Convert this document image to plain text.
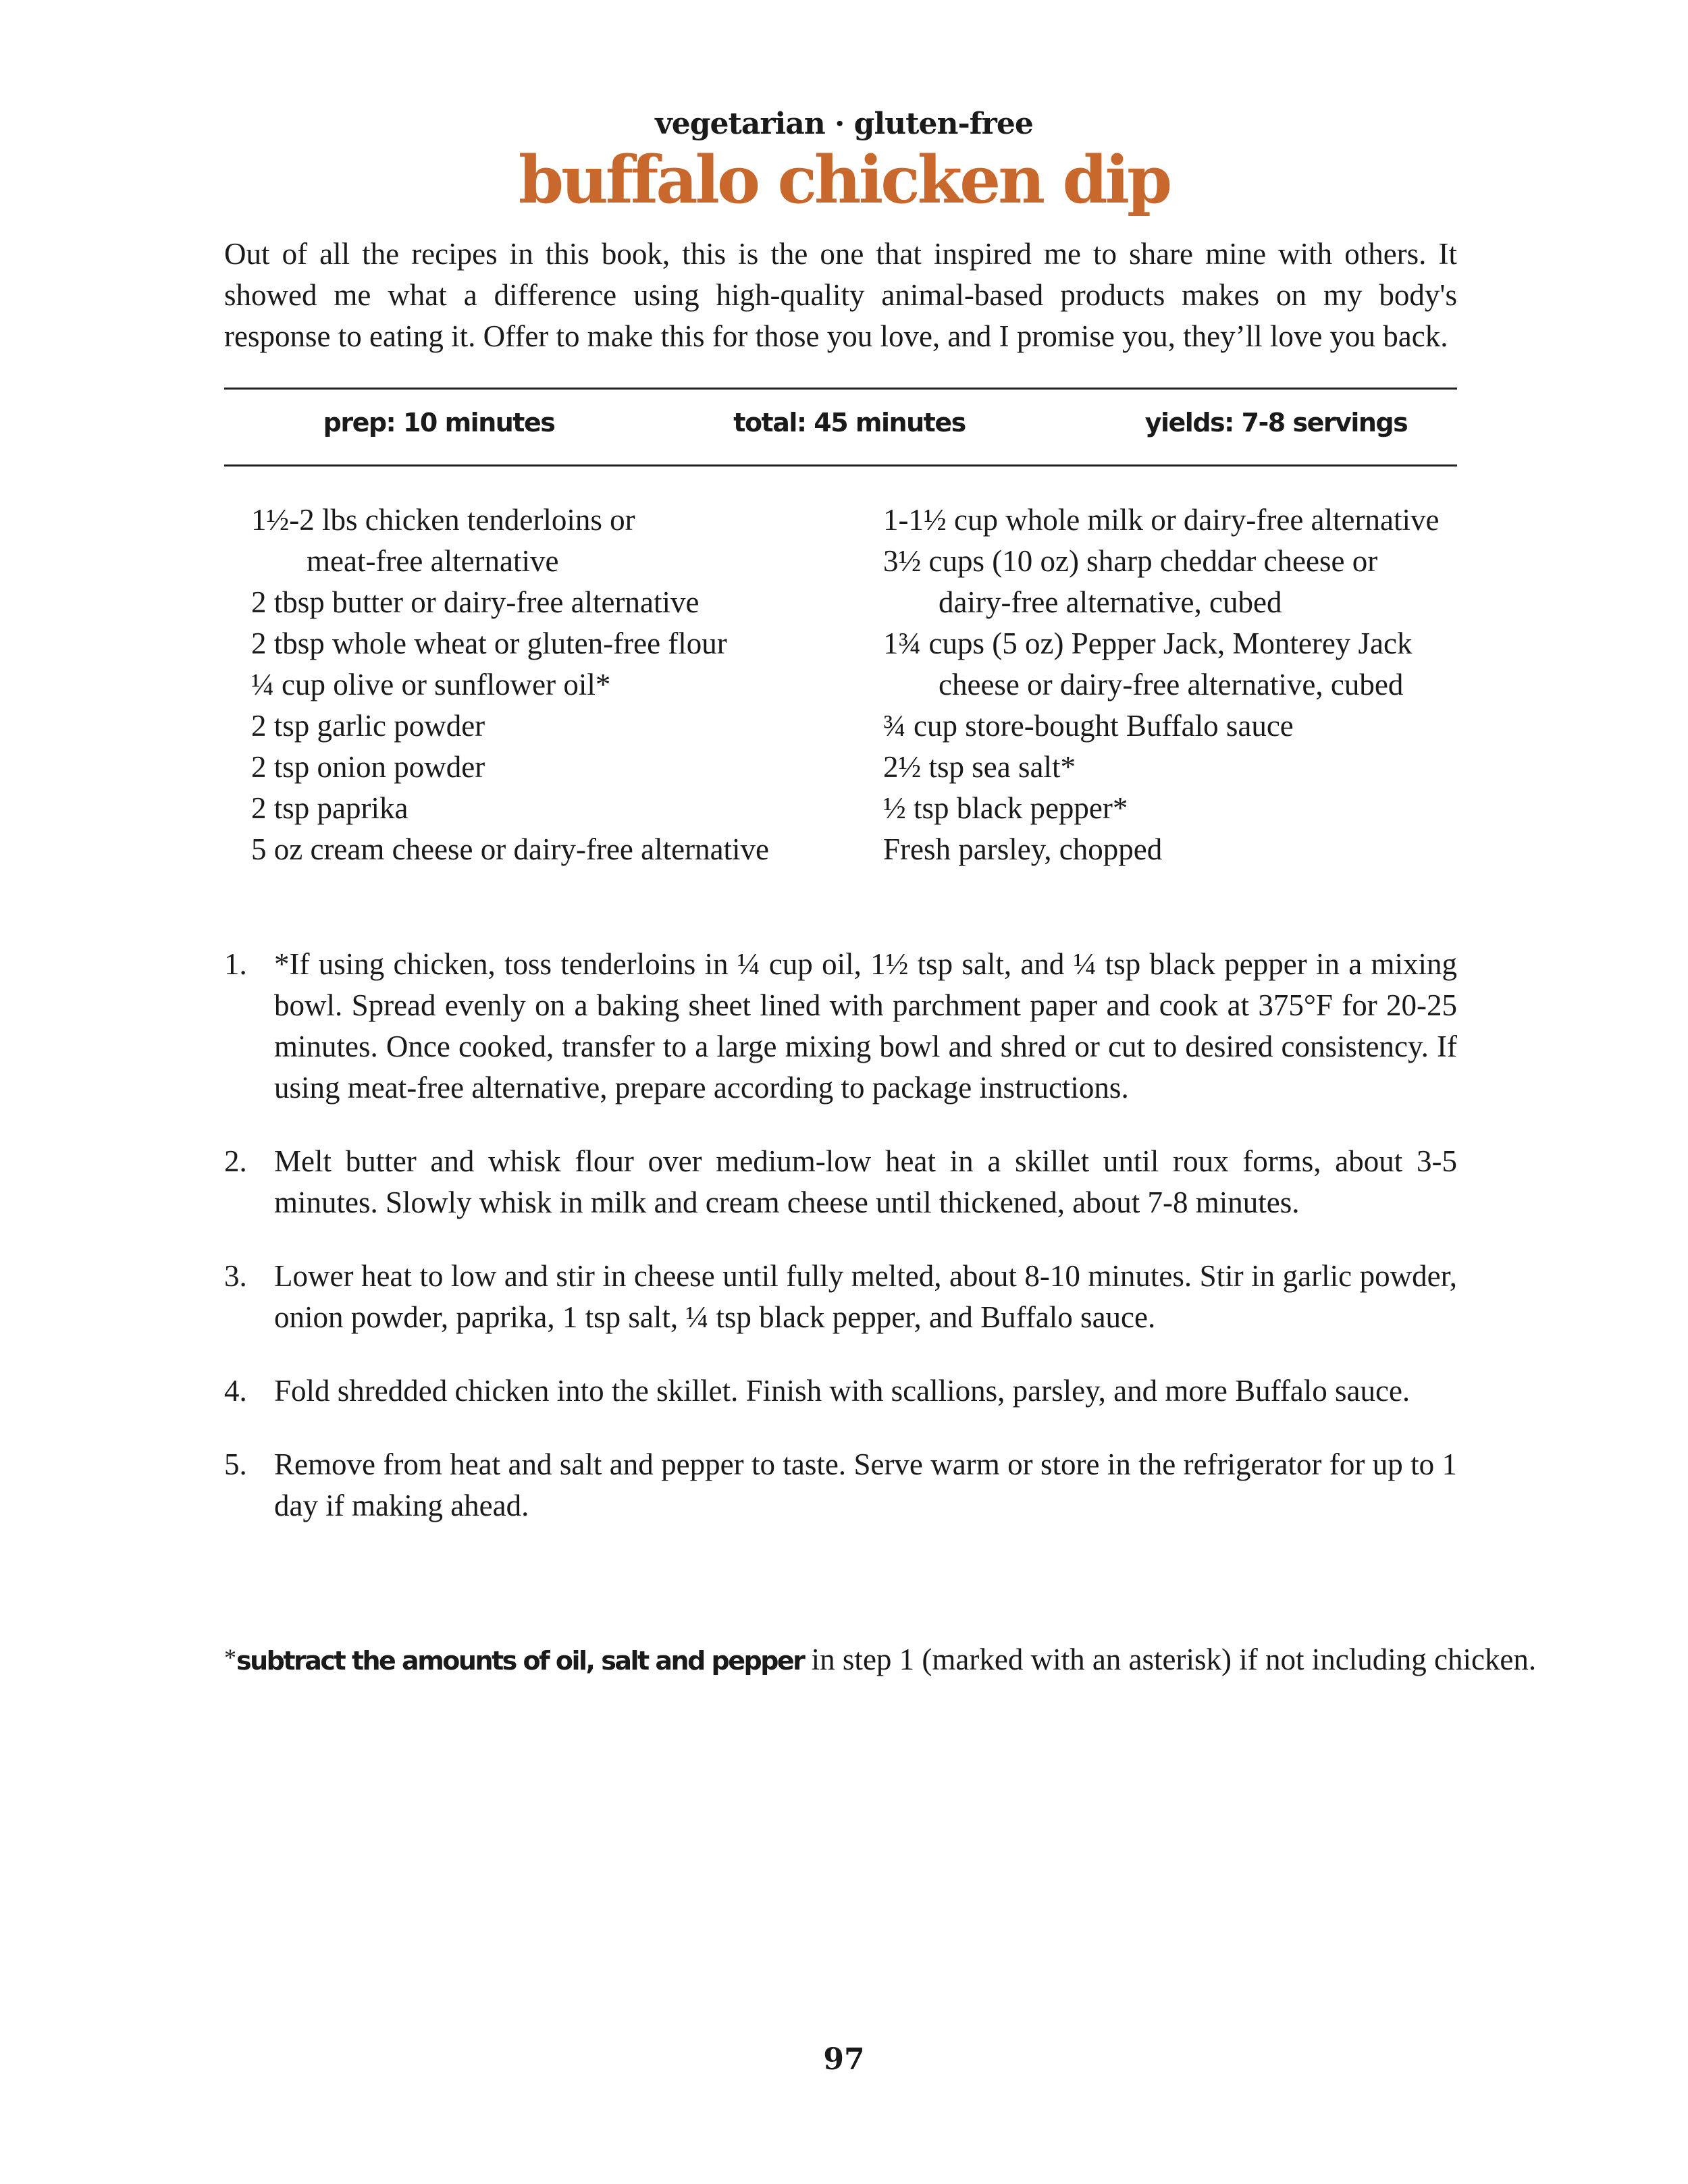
vegetarian · gluten-free
buffalo chicken dip
Out of all the recipes in this book, this is the one that inspired me to share mine with others. It showed me what a difference using high-quality animal-based products makes on my body's response to eating it. Offer to make this for those you love, and I promise you, they’ll love you back.
prep: 10 minutes	total: 45 minutes	yields: 7-8 servings
1½-2 lbs chicken tenderloins or
meat-free alternative
2 tbsp butter or dairy-free alternative
2 tbsp whole wheat or gluten-free flour
¼ cup olive or sunflower oil*
2 tsp garlic powder
2 tsp onion powder
2 tsp paprika
5 oz cream cheese or dairy-free alternative
1-1½ cup whole milk or dairy-free alternative
3½ cups (10 oz) sharp cheddar cheese or
dairy-free alternative, cubed
1¾ cups (5 oz) Pepper Jack, Monterey Jack
cheese or dairy-free alternative, cubed
¾ cup store-bought Buffalo sauce
2½ tsp sea salt*
½ tsp black pepper*
Fresh parsley, chopped
1. *If using chicken, toss tenderloins in ¼ cup oil, 1½ tsp salt, and ¼ tsp black pepper in a mixing bowl. Spread evenly on a baking sheet lined with parchment paper and cook at 375°F for 20-25 minutes. Once cooked, transfer to a large mixing bowl and shred or cut to desired consistency. If using meat-free alternative, prepare according to package instructions.
2. Melt butter and whisk flour over medium-low heat in a skillet until roux forms, about 3-5 minutes. Slowly whisk in milk and cream cheese until thickened, about 7-8 minutes.
3. Lower heat to low and stir in cheese until fully melted, about 8-10 minutes. Stir in garlic powder, onion powder, paprika, 1 tsp salt, ¼ tsp black pepper, and Buffalo sauce.
4. Fold shredded chicken into the skillet. Finish with scallions, parsley, and more Buffalo sauce.
5. Remove from heat and salt and pepper to taste. Serve warm or store in the refrigerator for up to 1 day if making ahead.
*subtract the amounts of oil, salt and pepper in step 1 (marked with an asterisk) if not including chicken.
97
